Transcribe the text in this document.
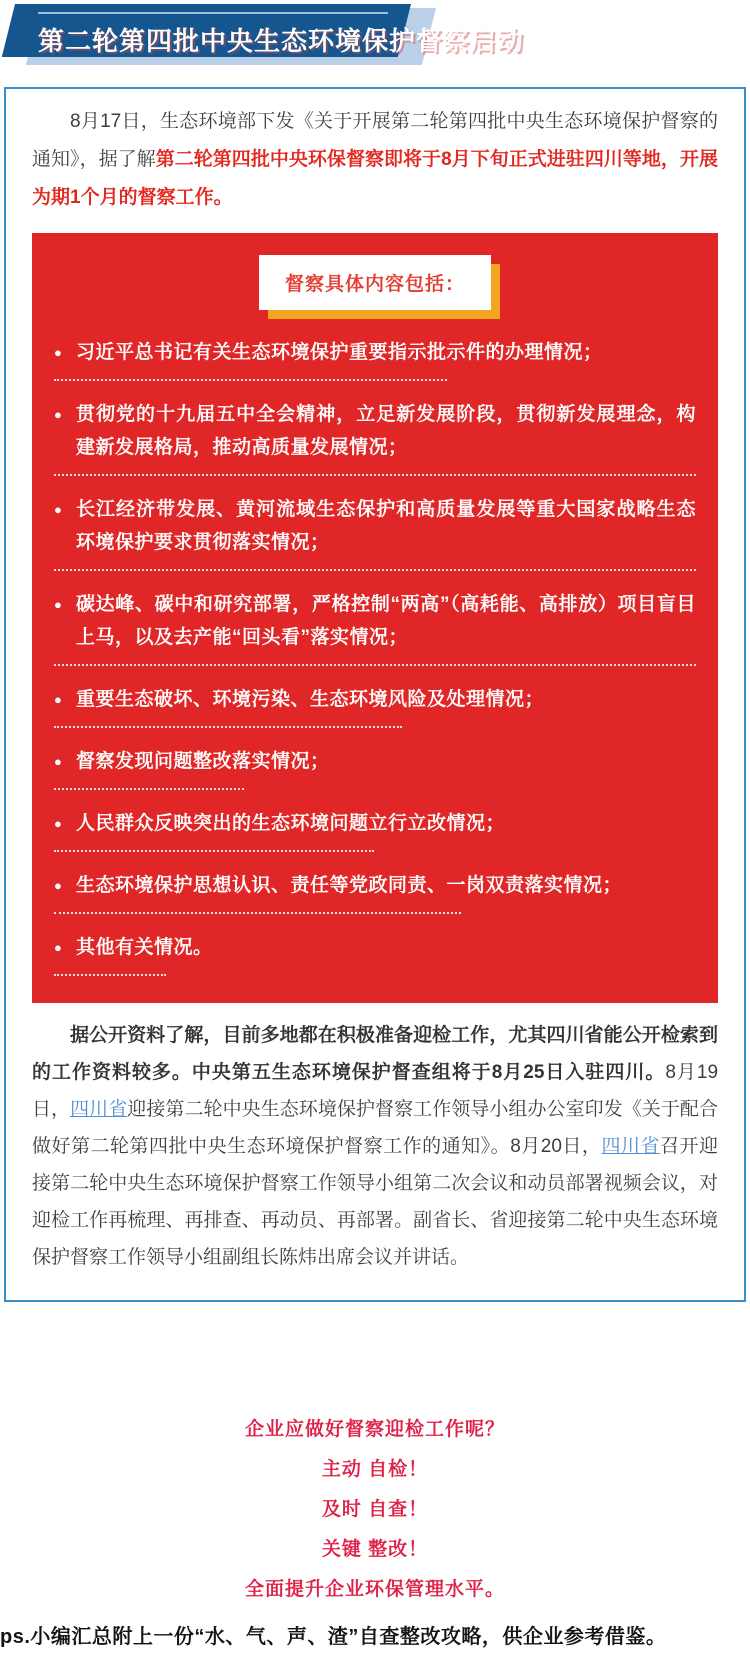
第二轮第四批中央生态环境保护督察启动

8月17日，生态环境部下发《关于开展第二轮第四批中央生态环境保护督察的通知》，据了解第二轮第四批中央环保督察即将于8月下旬正式进驻四川等地，开展为期1个月的督察工作。

督察具体内容包括：
● 习近平总书记有关生态环境保护重要指示批示件的办理情况；
● 贯彻党的十九届五中全会精神，立足新发展阶段，贯彻新发展理念，构建新发展格局，推动高质量发展情况；
● 长江经济带发展、黄河流域生态保护和高质量发展等重大国家战略生态环境保护要求贯彻落实情况；
● 碳达峰、碳中和研究部署，严格控制“两高”（高耗能、高排放）项目盲目上马，以及去产能“回头看”落实情况；
● 重要生态破坏、环境污染、生态环境风险及处理情况；
● 督察发现问题整改落实情况；
● 人民群众反映突出的生态环境问题立行立改情况；
● 生态环境保护思想认识、责任等党政同责、一岗双责落实情况；
● 其他有关情况。

据公开资料了解，目前多地都在积极准备迎检工作，尤其四川省能公开检索到的工作资料较多。中央第五生态环境保护督查组将于8月25日入驻四川。8月19日，四川省迎接第二轮中央生态环境保护督察工作领导小组办公室印发《关于配合做好第二轮第四批中央生态环境保护督察工作的通知》。8月20日，四川省召开迎接第二轮中央生态环境保护督察工作领导小组第二次会议和动员部署视频会议，对迎检工作再梳理、再排查、再动员、再部署。副省长、省迎接第二轮中央生态环境保护督察工作领导小组副组长陈炜出席会议并讲话。

企业应做好督察迎检工作呢？

主动 自检！

及时 自查！

关键 整改！

全面提升企业环保管理水平。

ps.小编汇总附上一份“水、气、声、渣”自查整改攻略，供企业参考借鉴。
